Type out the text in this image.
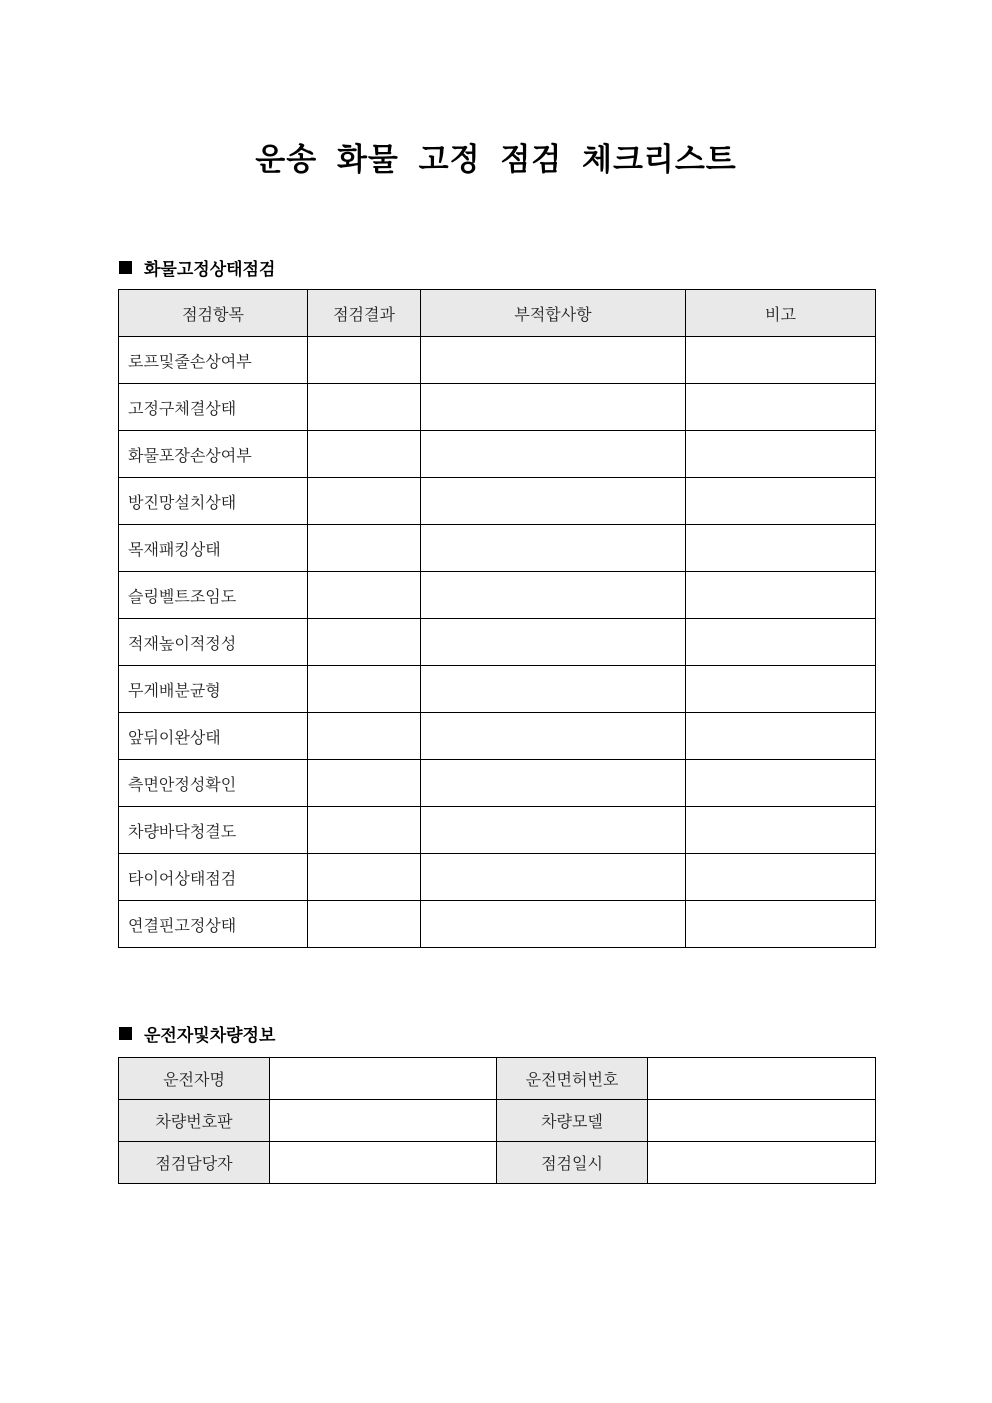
운송 화물 고정 점검 체크리스트
화물고정상태점검
점검항목	점검결과	부적합사항	비고
로프및줄손상여부			
고정구체결상태			
화물포장손상여부			
방진망설치상태			
목재패킹상태			
슬링벨트조임도			
적재높이적정성			
무게배분균형			
앞뒤이완상태			
측면안정성확인			
차량바닥청결도			
타이어상태점검			
연결핀고정상태			
운전자및차량정보
운전자명		운전면허번호	
차량번호판		차량모델	
점검담당자		점검일시	
